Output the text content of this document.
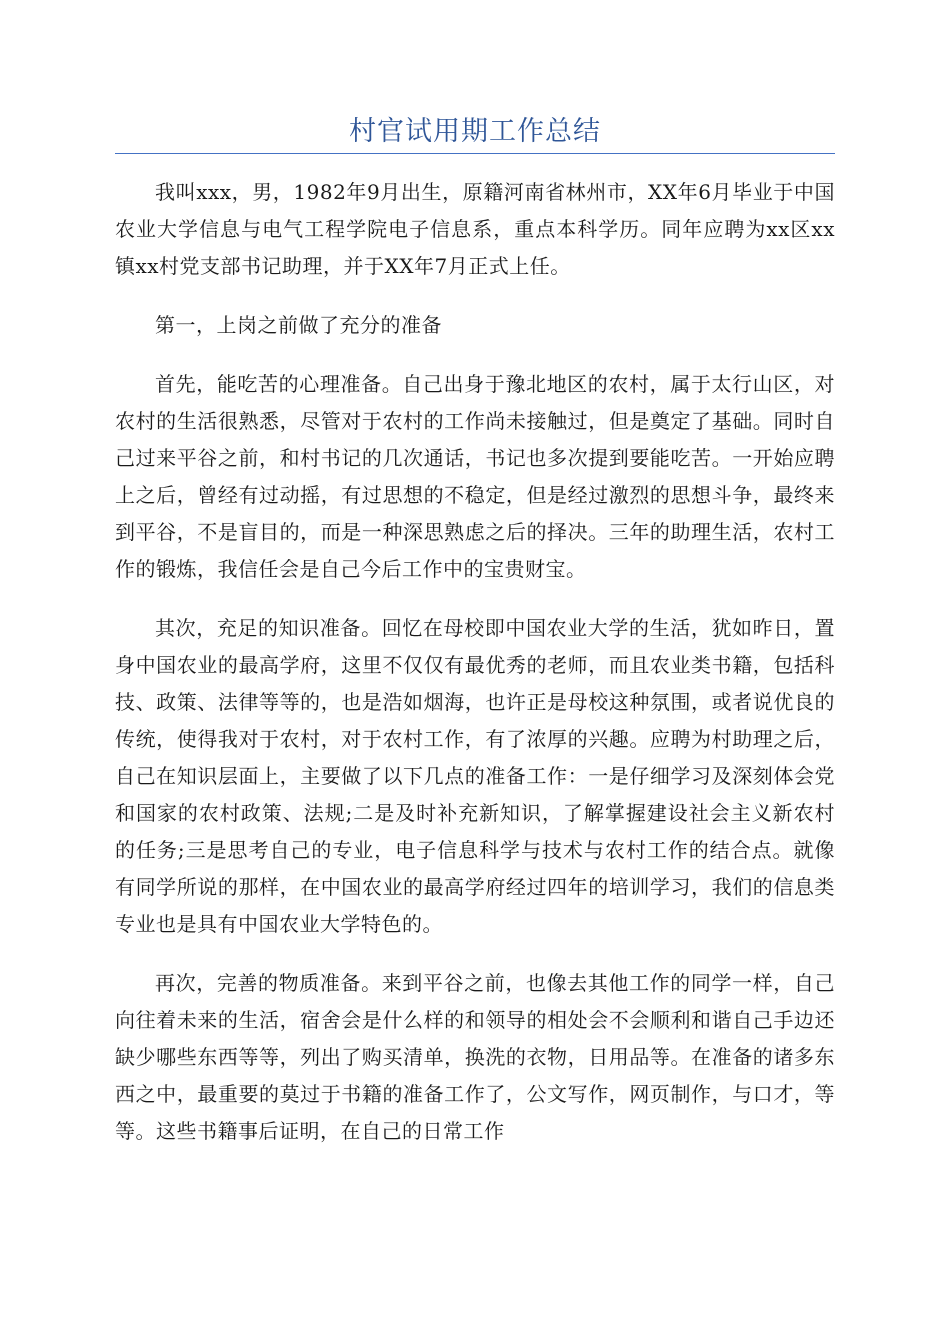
村官试用期工作总结

我叫xxx，男，1982年9月出生，原籍河南省林州市，XX年6月毕业于中国农业大学信息与电气工程学院电子信息系，重点本科学历。同年应聘为xx区xx镇xx村党支部书记助理，并于XX年7月正式上任。

第一，上岗之前做了充分的准备

首先，能吃苦的心理准备。自己出身于豫北地区的农村，属于太行山区，对农村的生活很熟悉，尽管对于农村的工作尚未接触过，但是奠定了基础。同时自己过来平谷之前，和村书记的几次通话，书记也多次提到要能吃苦。一开始应聘上之后，曾经有过动摇，有过思想的不稳定，但是经过激烈的思想斗争，最终来到平谷，不是盲目的，而是一种深思熟虑之后的择决。三年的助理生活，农村工作的锻炼，我信任会是自己今后工作中的宝贵财宝。

其次，充足的知识准备。回忆在母校即中国农业大学的生活，犹如昨日，置身中国农业的最高学府，这里不仅仅有最优秀的老师，而且农业类书籍，包括科技、政策、法律等等的，也是浩如烟海，也许正是母校这种氛围，或者说优良的传统，使得我对于农村，对于农村工作，有了浓厚的兴趣。应聘为村助理之后，自己在知识层面上，主要做了以下几点的准备工作：一是仔细学习及深刻体会党和国家的农村政策、法规;二是及时补充新知识，了解掌握建设社会主义新农村的任务;三是思考自己的专业，电子信息科学与技术与农村工作的结合点。就像有同学所说的那样，在中国农业的最高学府经过四年的培训学习，我们的信息类专业也是具有中国农业大学特色的。

再次，完善的物质准备。来到平谷之前，也像去其他工作的同学一样，自己向往着未来的生活，宿舍会是什么样的和领导的相处会不会顺利和谐自己手边还缺少哪些东西等等，列出了购买清单，换洗的衣物，日用品等。在准备的诸多东西之中，最重要的莫过于书籍的准备工作了，公文写作，网页制作，与口才，等等。这些书籍事后证明，在自己的日常工作
